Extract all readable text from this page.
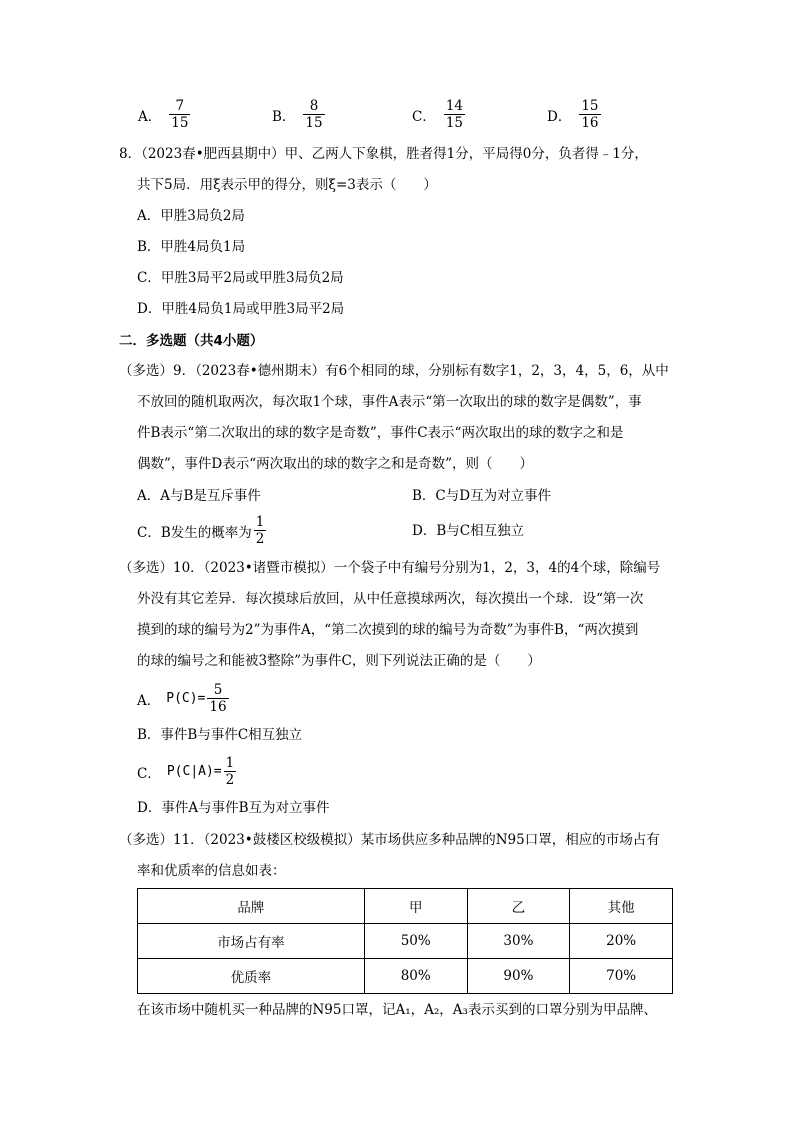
A． $\frac{7}{15}$	B． $\frac{8}{15}$	C． $\frac{14}{15}$	D． $\frac{15}{16}$
8．（2023春•肥西县期中）甲、乙两人下象棋，胜者得1分，平局得0分，负者得﹣1分，
共下5局．用ξ表示甲的得分，则ξ=3表示（　　）
A．甲胜3局负2局
B．甲胜4局负1局
C．甲胜3局平2局或甲胜3局负2局
D．甲胜4局负1局或甲胜3局平2局
二．多选题（共4小题）
（多选）9．（2023春•德州期末）有6个相同的球，分别标有数字1，2，3，4，5，6，从中
不放回的随机取两次，每次取1个球，事件A表示“第一次取出的球的数字是偶数”，事
件B表示“第二次取出的球的数字是奇数”，事件C表示“两次取出的球的数字之和是
偶数”，事件D表示“两次取出的球的数字之和是奇数”，则（　　）
A．A与B是互斥事件	B．C与D互为对立事件
C．B发生的概率为 $\frac{1}{2}$	D．B与C相互独立
（多选）10．（2023•诸暨市模拟）一个袋子中有编号分别为1，2，3，4的4个球，除编号
外没有其它差异．每次摸球后放回，从中任意摸球两次，每次摸出一个球．设“第一次
摸到的球的编号为2”为事件A，“第二次摸到的球的编号为奇数”为事件B，“两次摸到
的球的编号之和能被3整除”为事件C，则下列说法正确的是（　　）
A． $P(C)= \frac{5}{16}$
B．事件B与事件C相互独立
C． $P(C|A)= \frac{1}{2}$
D．事件A与事件B互为对立事件
（多选）11．（2023•鼓楼区校级模拟）某市场供应多种品牌的N95口罩，相应的市场占有
率和优质率的信息如表：
品牌	甲	乙	其他
市场占有率	50%	30%	20%
优质率	80%	90%	70%
在该市场中随机买一种品牌的N95口罩，记A₁，A₂，A₃表示买到的口罩分别为甲品牌、
